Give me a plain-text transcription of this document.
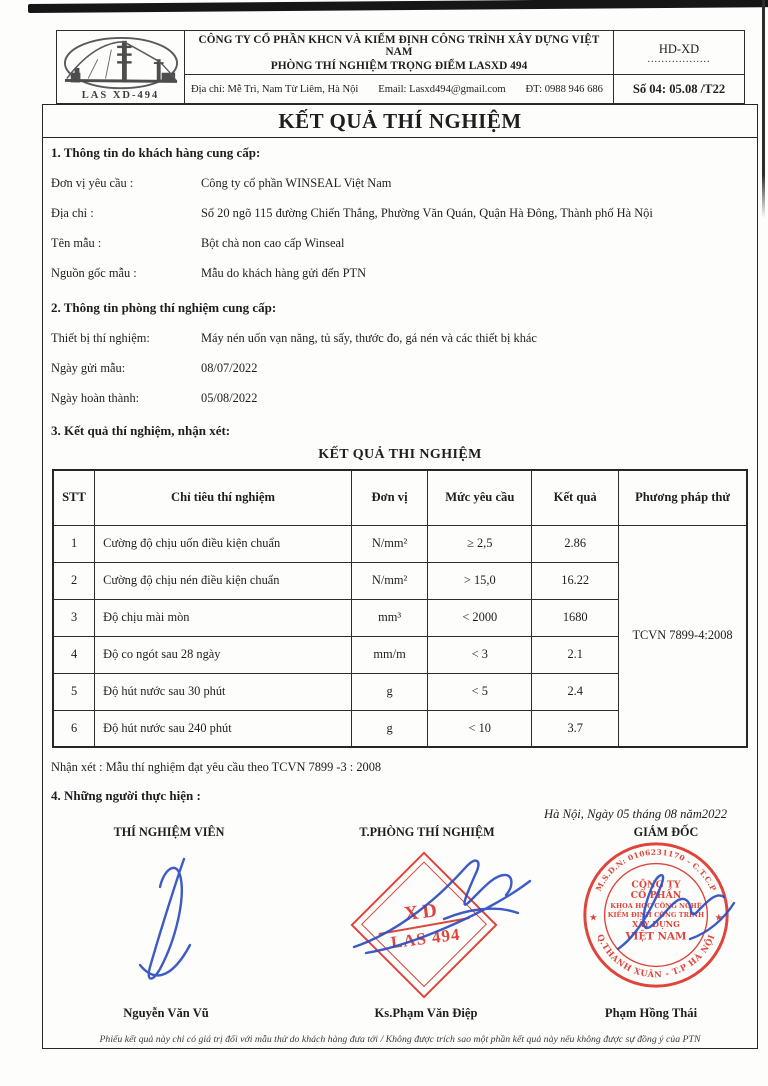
LAS XD-494
CÔNG TY CỔ PHẦN KHCN VÀ KIỂM ĐỊNH CÔNG TRÌNH XÂY DỰNG VIỆT NAM
PHÒNG THÍ NGHIỆM TRỌNG ĐIỂM LASXD 494
Địa chỉ: Mễ Trì, Nam Từ Liêm, Hà Nội Email: Lasxd494@gmail.com ĐT: 0988 946 686
HD-XD
..................
Số 04: 05.08 /T22
KẾT QUẢ THÍ NGHIỆM
1. Thông tin do khách hàng cung cấp:
Đơn vị yêu cầu :	Công ty cổ phần WINSEAL Việt Nam
Địa chỉ :	Số 20 ngõ 115 đường Chiến Thắng, Phường Văn Quán, Quận Hà Đông, Thành phố Hà Nội
Tên mẫu :	Bột chà non cao cấp Winseal
Nguồn gốc mẫu :	Mẫu do khách hàng gửi đến PTN
2. Thông tin phòng thí nghiệm cung cấp:
Thiết bị thí nghiệm:	Máy nén uốn vạn năng, tủ sấy, thước đo, gá nén và các thiết bị khác
Ngày gửi mẫu:	08/07/2022
Ngày hoàn thành:	05/08/2022
3. Kết quả thí nghiệm, nhận xét:
KẾT QUẢ THI NGHIỆM
STT	Chỉ tiêu thí nghiệm	Đơn vị	Mức yêu cầu	Kết quả	Phương pháp thử
1	Cường độ chịu uốn điều kiện chuẩn	N/mm²	≥ 2,5	2.86	TCVN 7899-4:2008
2	Cường độ chịu nén điều kiện chuẩn	N/mm²	> 15,0	16.22	
3	Độ chịu mài mòn	mm³	< 2000	1680	
4	Độ co ngót sau 28 ngày	mm/m	< 3	2.1	
5	Độ hút nước sau 30 phút	g	< 5	2.4	
6	Độ hút nước sau 240 phút	g	< 10	3.7	
Nhận xét : Mẫu thí nghiệm đạt yêu cầu theo TCVN 7899 -3 : 2008
4. Những người thực hiện :
Hà Nội, Ngày 05 tháng 08 năm2022
THÍ NGHIỆM VIÊN	T.PHÒNG THÍ NGHIỆM	GIÁM ĐỐC
XD
LAS 494
M.S.D.N: 0106231170 - C.T.C.P
Q.THANH XUÂN - T.P HÀ NỘI
★	★
CÔNG TY
CỔ PHẦN
KHOA HỌC CÔNG NGHỆ
KIỂM ĐỊNH CÔNG TRÌNH
XÂY DỰNG
VIỆT NAM
Nguyễn Văn Vũ	Ks.Phạm Văn Điệp	Phạm Hồng Thái
Phiếu kết quả này chỉ có giá trị đối với mẫu thử do khách hàng đưa tới / Không được trích sao một phần kết quả này nếu không được sự đồng ý của PTN
